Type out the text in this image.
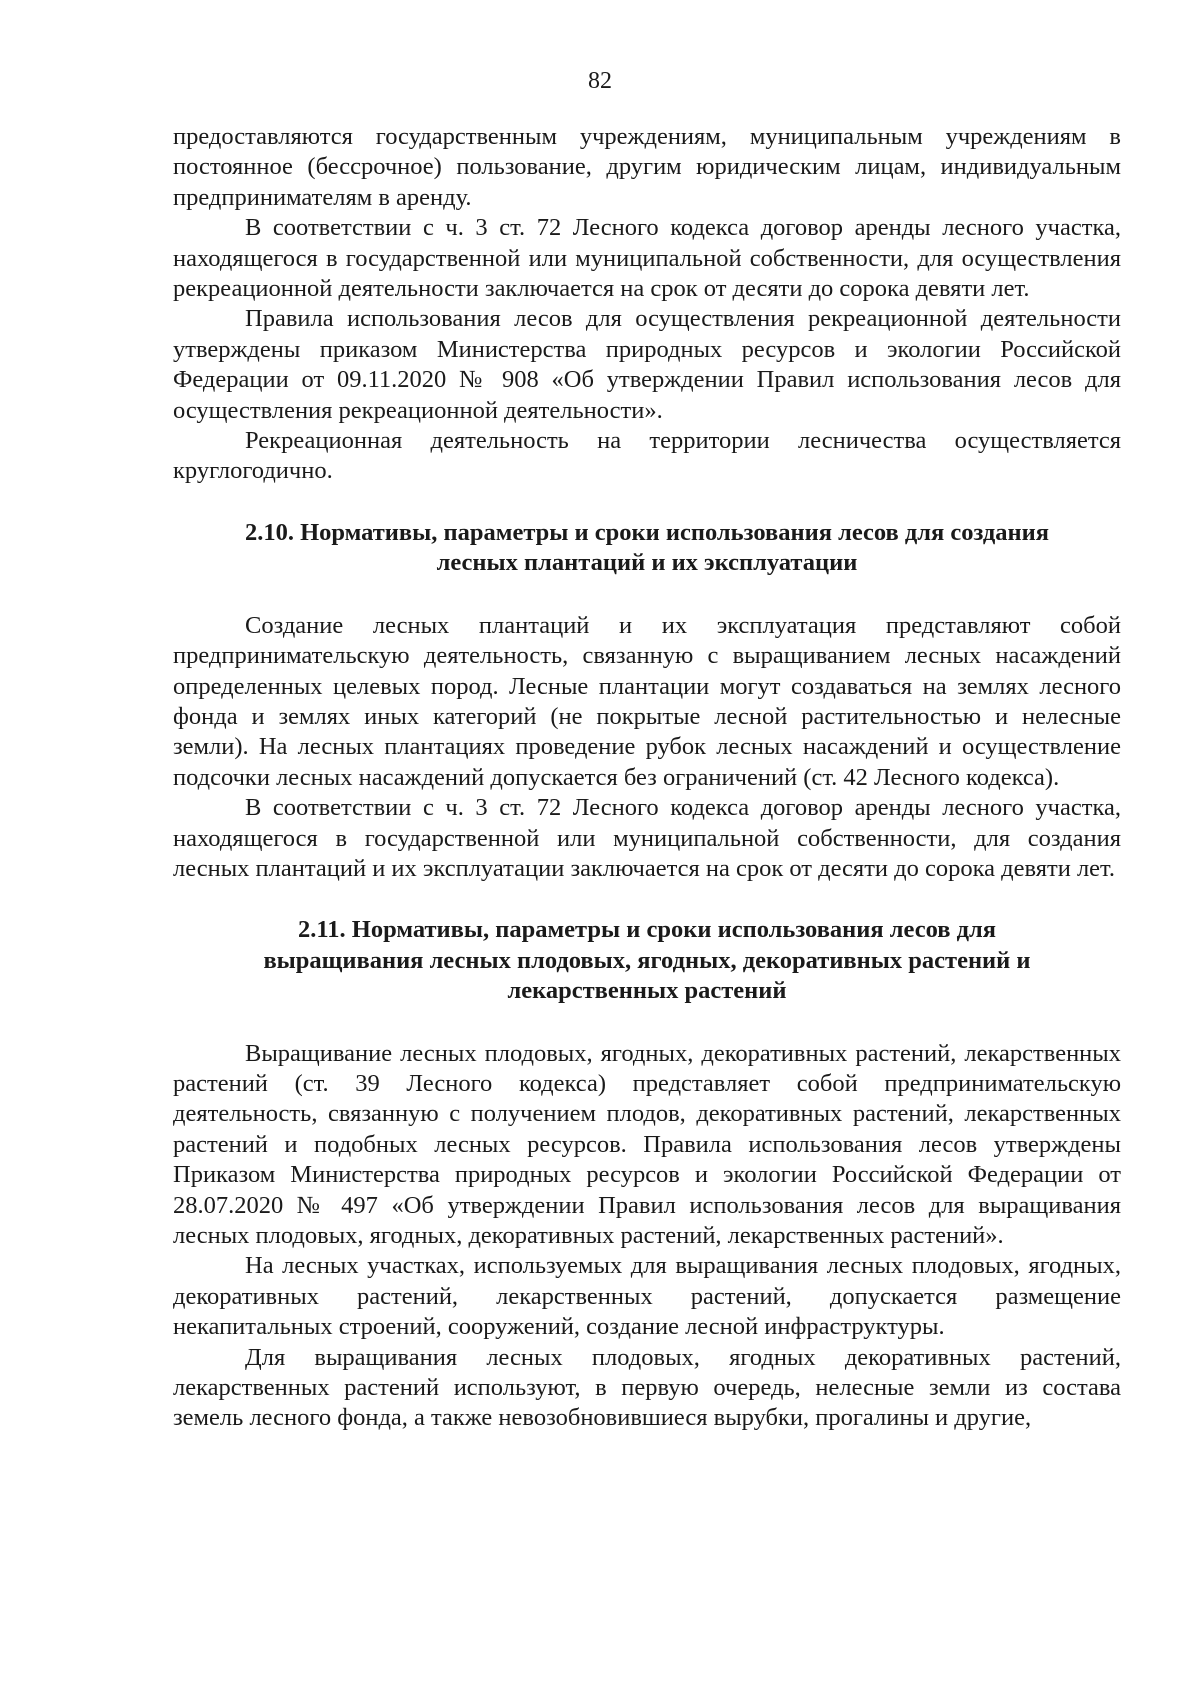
82

предоставляются государственным учреждениям, муниципальным учреждениям в постоянное (бессрочное) пользование, другим юридическим лицам, индивидуальным предпринимателям в аренду.

В соответствии с ч. 3 ст. 72 Лесного кодекса договор аренды лесного участка, находящегося в государственной или муниципальной собственности, для осуществления рекреационной деятельности заключается на срок от десяти до сорока девяти лет.

Правила использования лесов для осуществления рекреационной деятельности утверждены приказом Министерства природных ресурсов и экологии Российской Федерации от 09.11.2020 № 908 «Об утверждении Правил использования лесов для осуществления рекреационной деятельности».

Рекреационная деятельность на территории лесничества осуществляется круглогодично.

2.10. Нормативы, параметры и сроки использования лесов для создания
лесных плантаций и их эксплуатации

Создание лесных плантаций и их эксплуатация представляют собой предпринимательскую деятельность, связанную с выращиванием лесных насаждений определенных целевых пород. Лесные плантации могут создаваться на землях лесного фонда и землях иных категорий (не покрытые лесной растительностью и нелесные земли). На лесных плантациях проведение рубок лесных насаждений и осуществление подсочки лесных насаждений допускается без ограничений (ст. 42 Лесного кодекса).

В соответствии с ч. 3 ст. 72 Лесного кодекса договор аренды лесного участка, находящегося в государственной или муниципальной собственности, для создания лесных плантаций и их эксплуатации заключается на срок от десяти до сорока девяти лет.

2.11. Нормативы, параметры и сроки использования лесов для
выращивания лесных плодовых, ягодных, декоративных растений и
лекарственных растений

Выращивание лесных плодовых, ягодных, декоративных растений, лекарственных растений (ст. 39 Лесного кодекса) представляет собой предпринимательскую деятельность, связанную с получением плодов, декоративных растений, лекарственных растений и подобных лесных ресурсов. Правила использования лесов утверждены Приказом Министерства природных ресурсов и экологии Российской Федерации от 28.07.2020 № 497 «Об утверждении Правил использования лесов для выращивания лесных плодовых, ягодных, декоративных растений, лекарственных растений».

На лесных участках, используемых для выращивания лесных плодовых, ягодных, декоративных растений, лекарственных растений, допускается размещение некапитальных строений, сооружений, создание лесной инфраструктуры.

Для выращивания лесных плодовых, ягодных декоративных растений, лекарственных растений используют, в первую очередь, нелесные земли из состава земель лесного фонда, а также невозобновившиеся вырубки, прогалины и другие,
